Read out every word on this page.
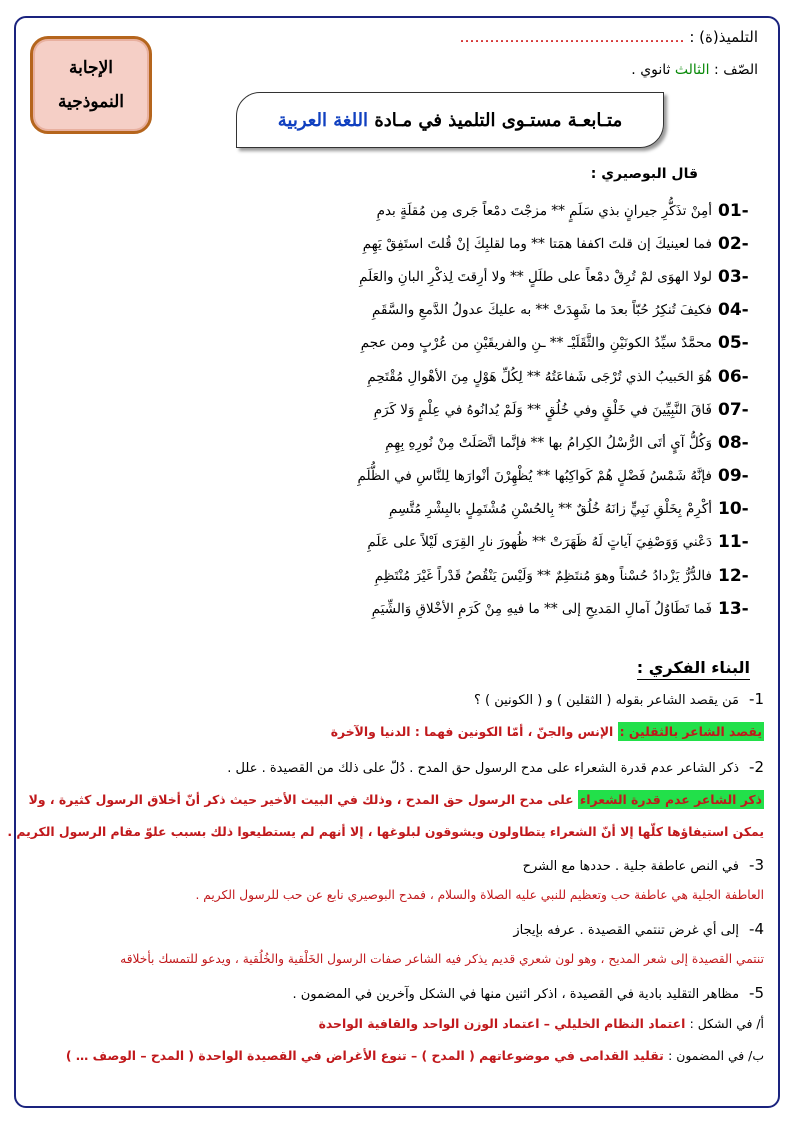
الإجابة
النموذجية
التلميذ(ة) : ………………………………………
الصّف : الثالث ثانوي .
متـابعـة مستـوى التلميذ في مـادة

اللغة العربية
قال البوصيري :
01-
أمِنْ تذَكُّرِ جيرانٍ بذي سَلَمٍ ** مزجْتَ دمْعاً جَرى مِن مُقلَةٍ بدمِ
02-
فما لعينيكَ إن قلتَ اكففا همَتا ** وما لقلبِكَ إنْ قُلتَ استَفِقْ يَهِمِ
03-
لولا الهوَى لمْ تُرِقْ دمْعاً على طلَلٍ ** ولا أرِقتَ لِذكْرِ البانِ والعَلَمِ
04-
فكيفَ تُنكِرُ حُبّاً بعدَ ما شَهِدَتْ ** به عليكَ عدولُ الدَّمعِ والسَّقَمِ
05-
محمَّدٌ سيِّدُ الكونَيْنِ والثَّقَلَيْـ ** ـنِ والفريقَيْنِ من عُرْبٍ ومن عجمِ
06-
هُوَ الحَبيبُ الذي تُرْجَى شَفاعَتُهُ ** لِكُلِّ هَوْلٍ مِنَ الأهْوالِ مُقْتَحِمِ
07-
فَاقَ النَّبِيِّينَ في خَلْقٍ وفي خُلُقٍ ** وَلَمْ يُدانُوهُ في عِلْمٍ وَلا كَرَمِ
08-
وَكُلُّ آيٍ أتَى الرُّسْلُ الكِرامُ بها ** فإنَّما اتَّصَلَتْ مِنْ نُورِهِ بِهِمِ
09-
فإنَّهُ شَمْسُ فَضْلٍ هُمْ كَواكِبُها ** يُظْهِرْنَ أنْوارَها لِلنَّاسِ في الظُّلَمِ
10-
أكْرِمْ بِخَلْقِ نَبِيٍّ زانَهُ خُلُقٌ ** بِالحُسْنِ مُشْتَمِلٍ بالبِشْرِ مُتَّسِمِ
11-
دَعْني وَوَصْفِيَ آياتٍ لَهُ ظَهَرَتْ ** ظُهورَ نارِ القِرَى لَيْلاً على عَلَمِ
12-
فالدُّرُّ يَزْدادُ حُسْناً وهوَ مُنتَظِمٌ ** وَلَيْسَ يَنْقُصُ قَدْراً غَيْرَ مُنْتَظِمِ
13-
فَما تَطَاوُلُ آمالِ المَديحِ إلى ** ما فيهِ مِنْ كَرَمِ الأخْلاقِ وَالشِّيَمِ
البناء الفكري :
1-مَن يقصد الشاعر بقوله ( الثقلين ) و ( الكونين ) ؟
يقصد الشاعر بالثقلين : الإنس والجنّ ، أمّا الكونين فهما : الدنيا والآخرة
2-ذكر الشاعر عدم قدرة الشعراء على مدح الرسول حق المدح . دُلّ على ذلك من القصيدة . علل .
ذكر الشاعر عدم قدرة الشعراء على مدح الرسول حق المدح ، وذلك في البيت الأخير حيث ذكر أنّ أخلاق الرسول كثيرة ، ولا
يمكن استيفاؤها كلّها إلا أنّ الشعراء يتطاولون ويشوقون لبلوغها ، إلا أنهم لم يستطيعوا ذلك بسبب علوّ مقام الرسول الكريم .
3-في النص عاطفة جلية . حددها مع الشرح
العاطفة الجلية هي عاطفة حب وتعظيم للنبي عليه الصلاة والسلام ، فمدح البوصيري نابع عن حب للرسول الكريم .
4-إلى أي غرض تنتمي القصيدة . عرفه بإيجاز
تنتمي القصيدة إلى شعر المديح ، وهو لون شعري قديم يذكر فيه الشاعر صفات الرسول الخَلْقية والخُلُقية ، ويدعو للتمسك بأخلاقه
5-مظاهر التقليد بادية في القصيدة ، اذكر اثنين منها في الشكل وآخرين في المضمون .
أ/ في الشكل : اعتماد النظام الخليلي – اعتماد الوزن الواحد والقافية الواحدة
ب/ في المضمون : تقليد القدامى في موضوعاتهم ( المدح ) – تنوع الأغراض في القصيدة الواحدة ( المدح – الوصف … )
